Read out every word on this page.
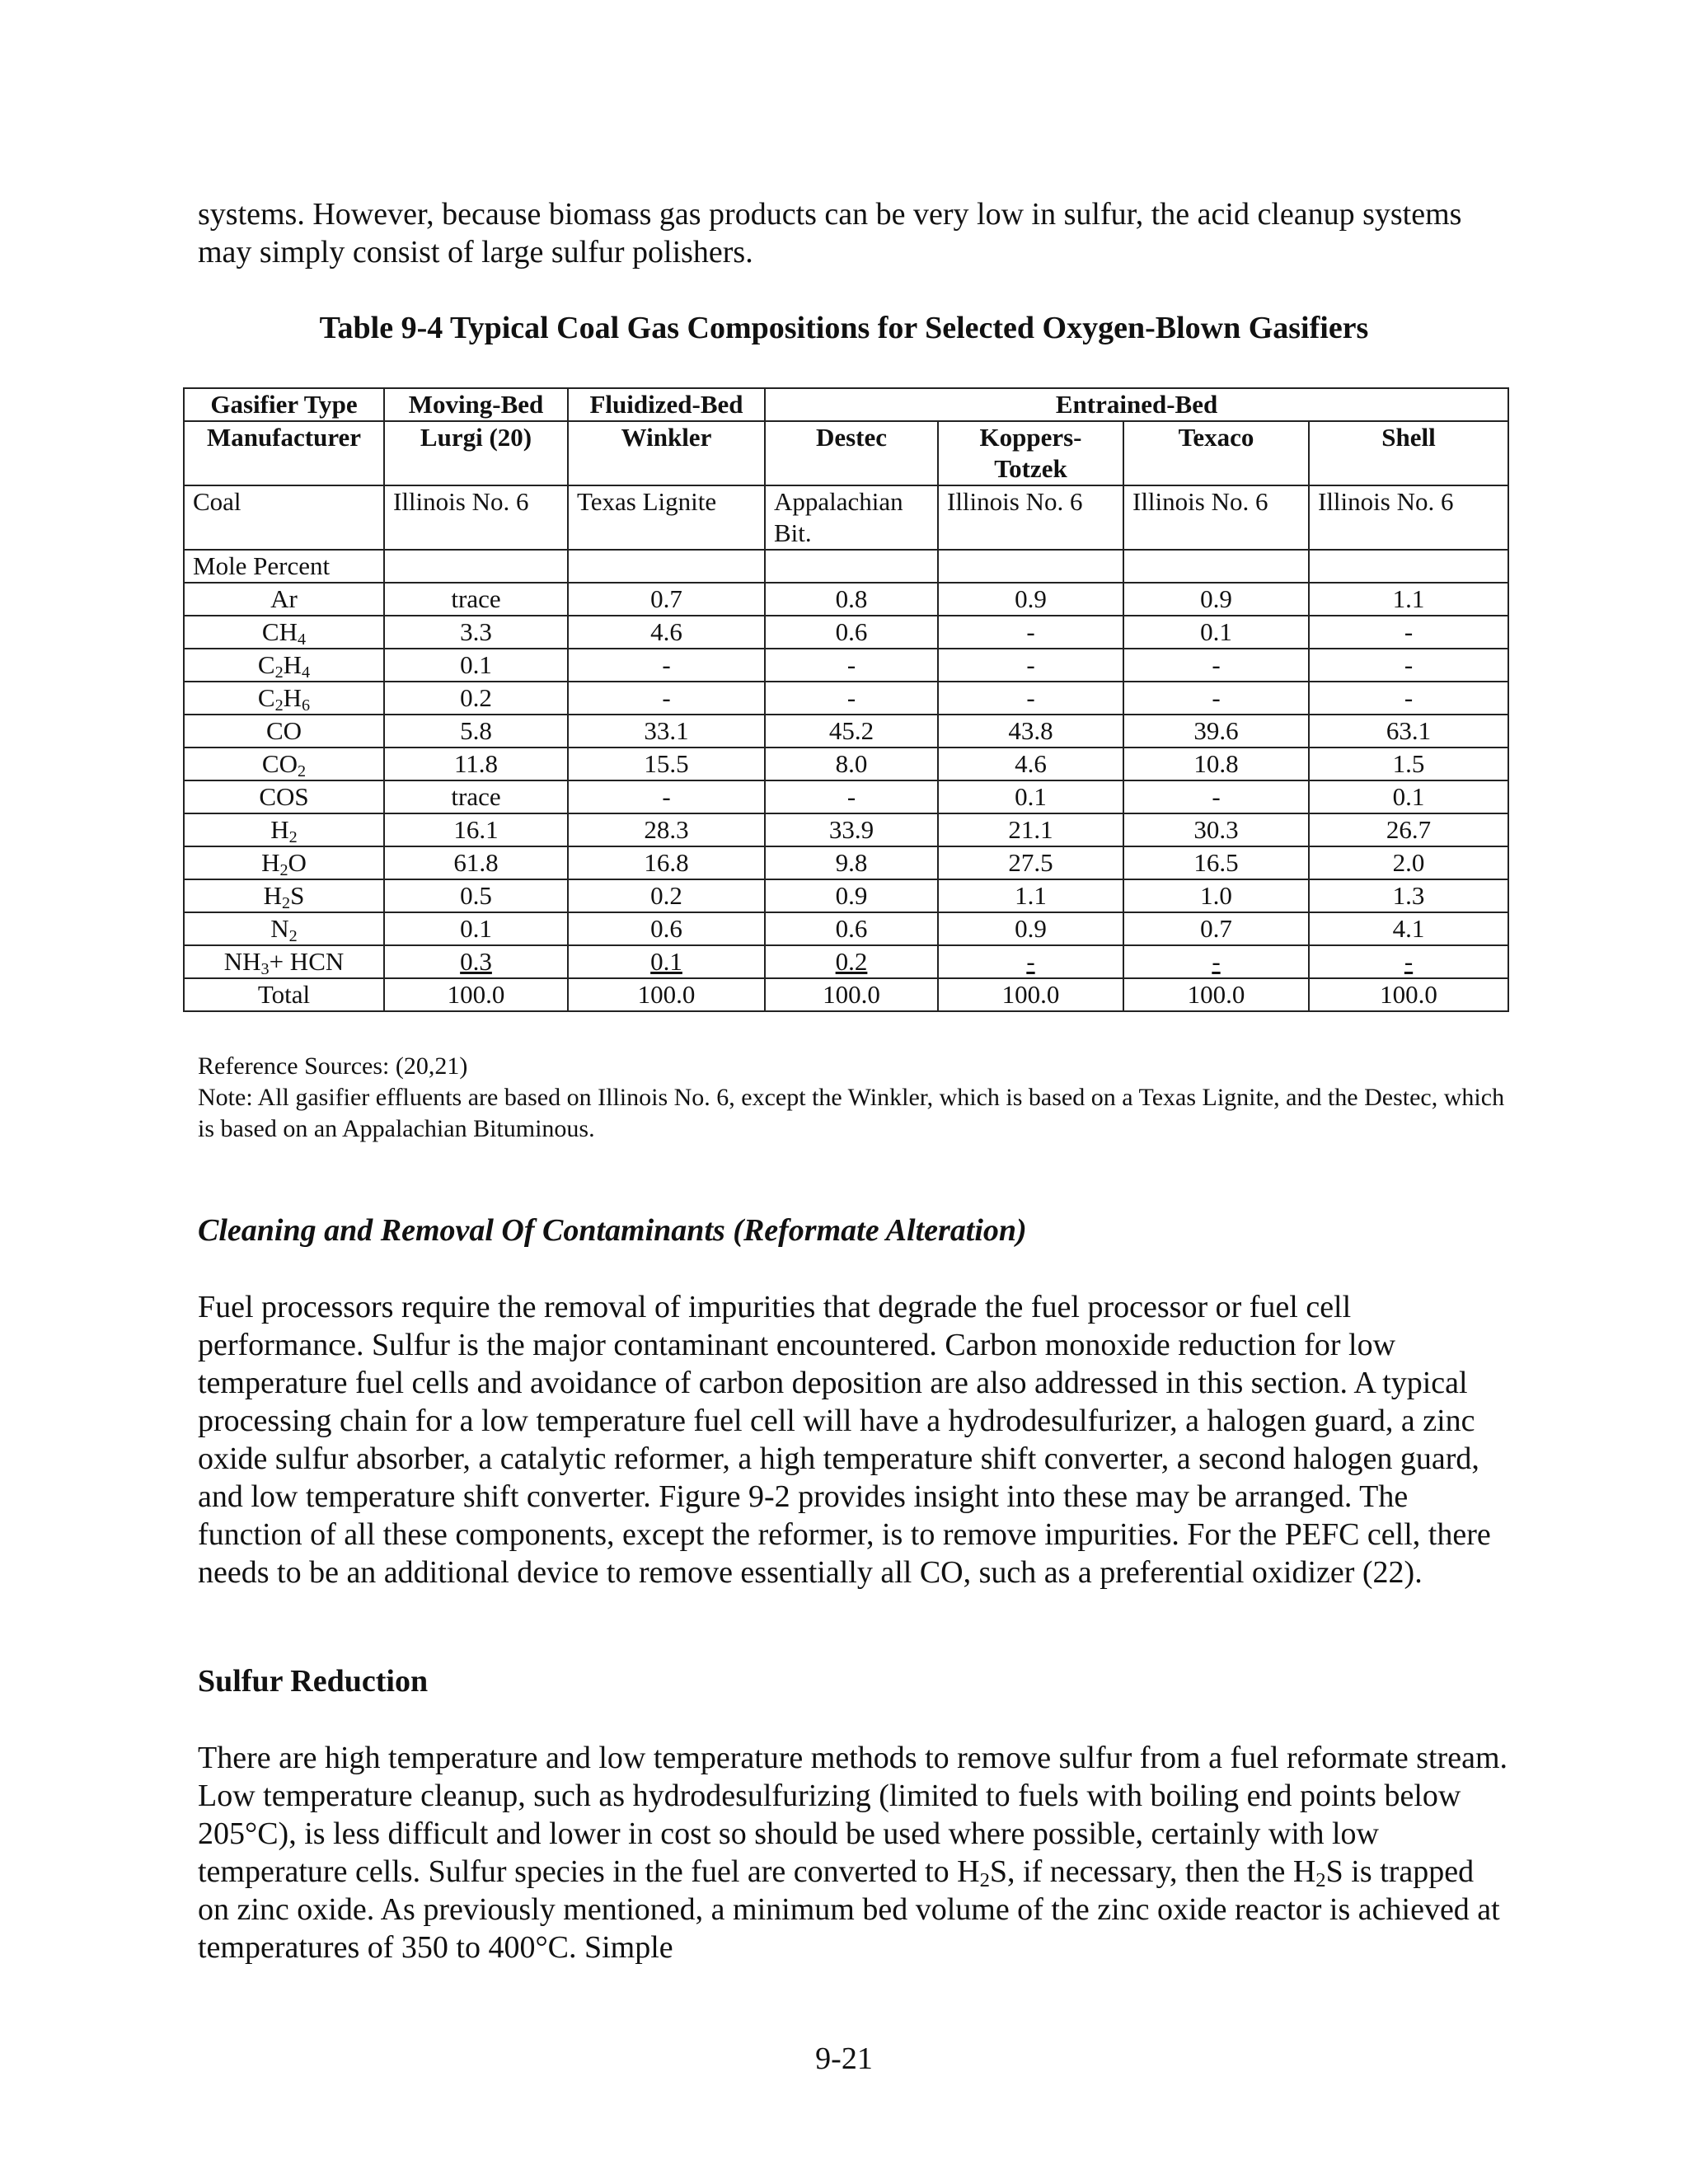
systems. However, because biomass gas products can be very low in sulfur, the acid cleanup systems may simply consist of large sulfur polishers.

Table 9-4 Typical Coal Gas Compositions for Selected Oxygen-Blown Gasifiers

Gasifier Type	Moving-Bed	Fluidized-Bed	Entrained-Bed			
Manufacturer	Lurgi (20)	Winkler	Destec	Koppers-Totzek	Texaco	Shell
Coal	Illinois No. 6	Texas Lignite	Appalachian Bit.	Illinois No. 6	Illinois No. 6	Illinois No. 6
Mole Percent						
Ar	trace	0.7	0.8	0.9	0.9	1.1
$CH_4$	3.3	4.6	0.6	-	0.1	-
$C_2H_4$	0.1	-	-	-	-	-
$C_2H_6$	0.2	-	-	-	-	-
CO	5.8	33.1	45.2	43.8	39.6	63.1
$CO_2$	11.8	15.5	8.0	4.6	10.8	1.5
COS	trace	-	-	0.1	-	0.1
$H_2$	16.1	28.3	33.9	21.1	30.3	26.7
$H_2O$	61.8	16.8	9.8	27.5	16.5	2.0
$H_2S$	0.5	0.2	0.9	1.1	1.0	1.3
$N_2$	0.1	0.6	0.6	0.9	0.7	4.1
$NH_3+$ HCN	0.3	0.1	0.2	-	-	-
Total	100.0	100.0	100.0	100.0	100.0	100.0

Reference Sources: (20,21)

Note: All gasifier effluents are based on Illinois No. 6, except the Winkler, which is based on a Texas Lignite, and the Destec, which is based on an Appalachian Bituminous.

Cleaning and Removal Of Contaminants (Reformate Alteration)

Fuel processors require the removal of impurities that degrade the fuel processor or fuel cell performance. Sulfur is the major contaminant encountered. Carbon monoxide reduction for low temperature fuel cells and avoidance of carbon deposition are also addressed in this section. A typical processing chain for a low temperature fuel cell will have a hydrodesulfurizer, a halogen guard, a zinc oxide sulfur absorber, a catalytic reformer, a high temperature shift converter, a second halogen guard, and low temperature shift converter. Figure 9-2 provides insight into these may be arranged. The function of all these components, except the reformer, is to remove impurities. For the PEFC cell, there needs to be an additional device to remove essentially all CO, such as a preferential oxidizer (22).

Sulfur Reduction

There are high temperature and low temperature methods to remove sulfur from a fuel reformate stream. Low temperature cleanup, such as hydrodesulfurizing (limited to fuels with boiling end points below 205°C), is less difficult and lower in cost so should be used where possible, certainly with low temperature cells. Sulfur species in the fuel are converted to $H_2S$, if necessary, then the $H_2S$ is trapped on zinc oxide. As previously mentioned, a minimum bed volume of the zinc oxide reactor is achieved at temperatures of 350 to 400°C. Simple

9-21
